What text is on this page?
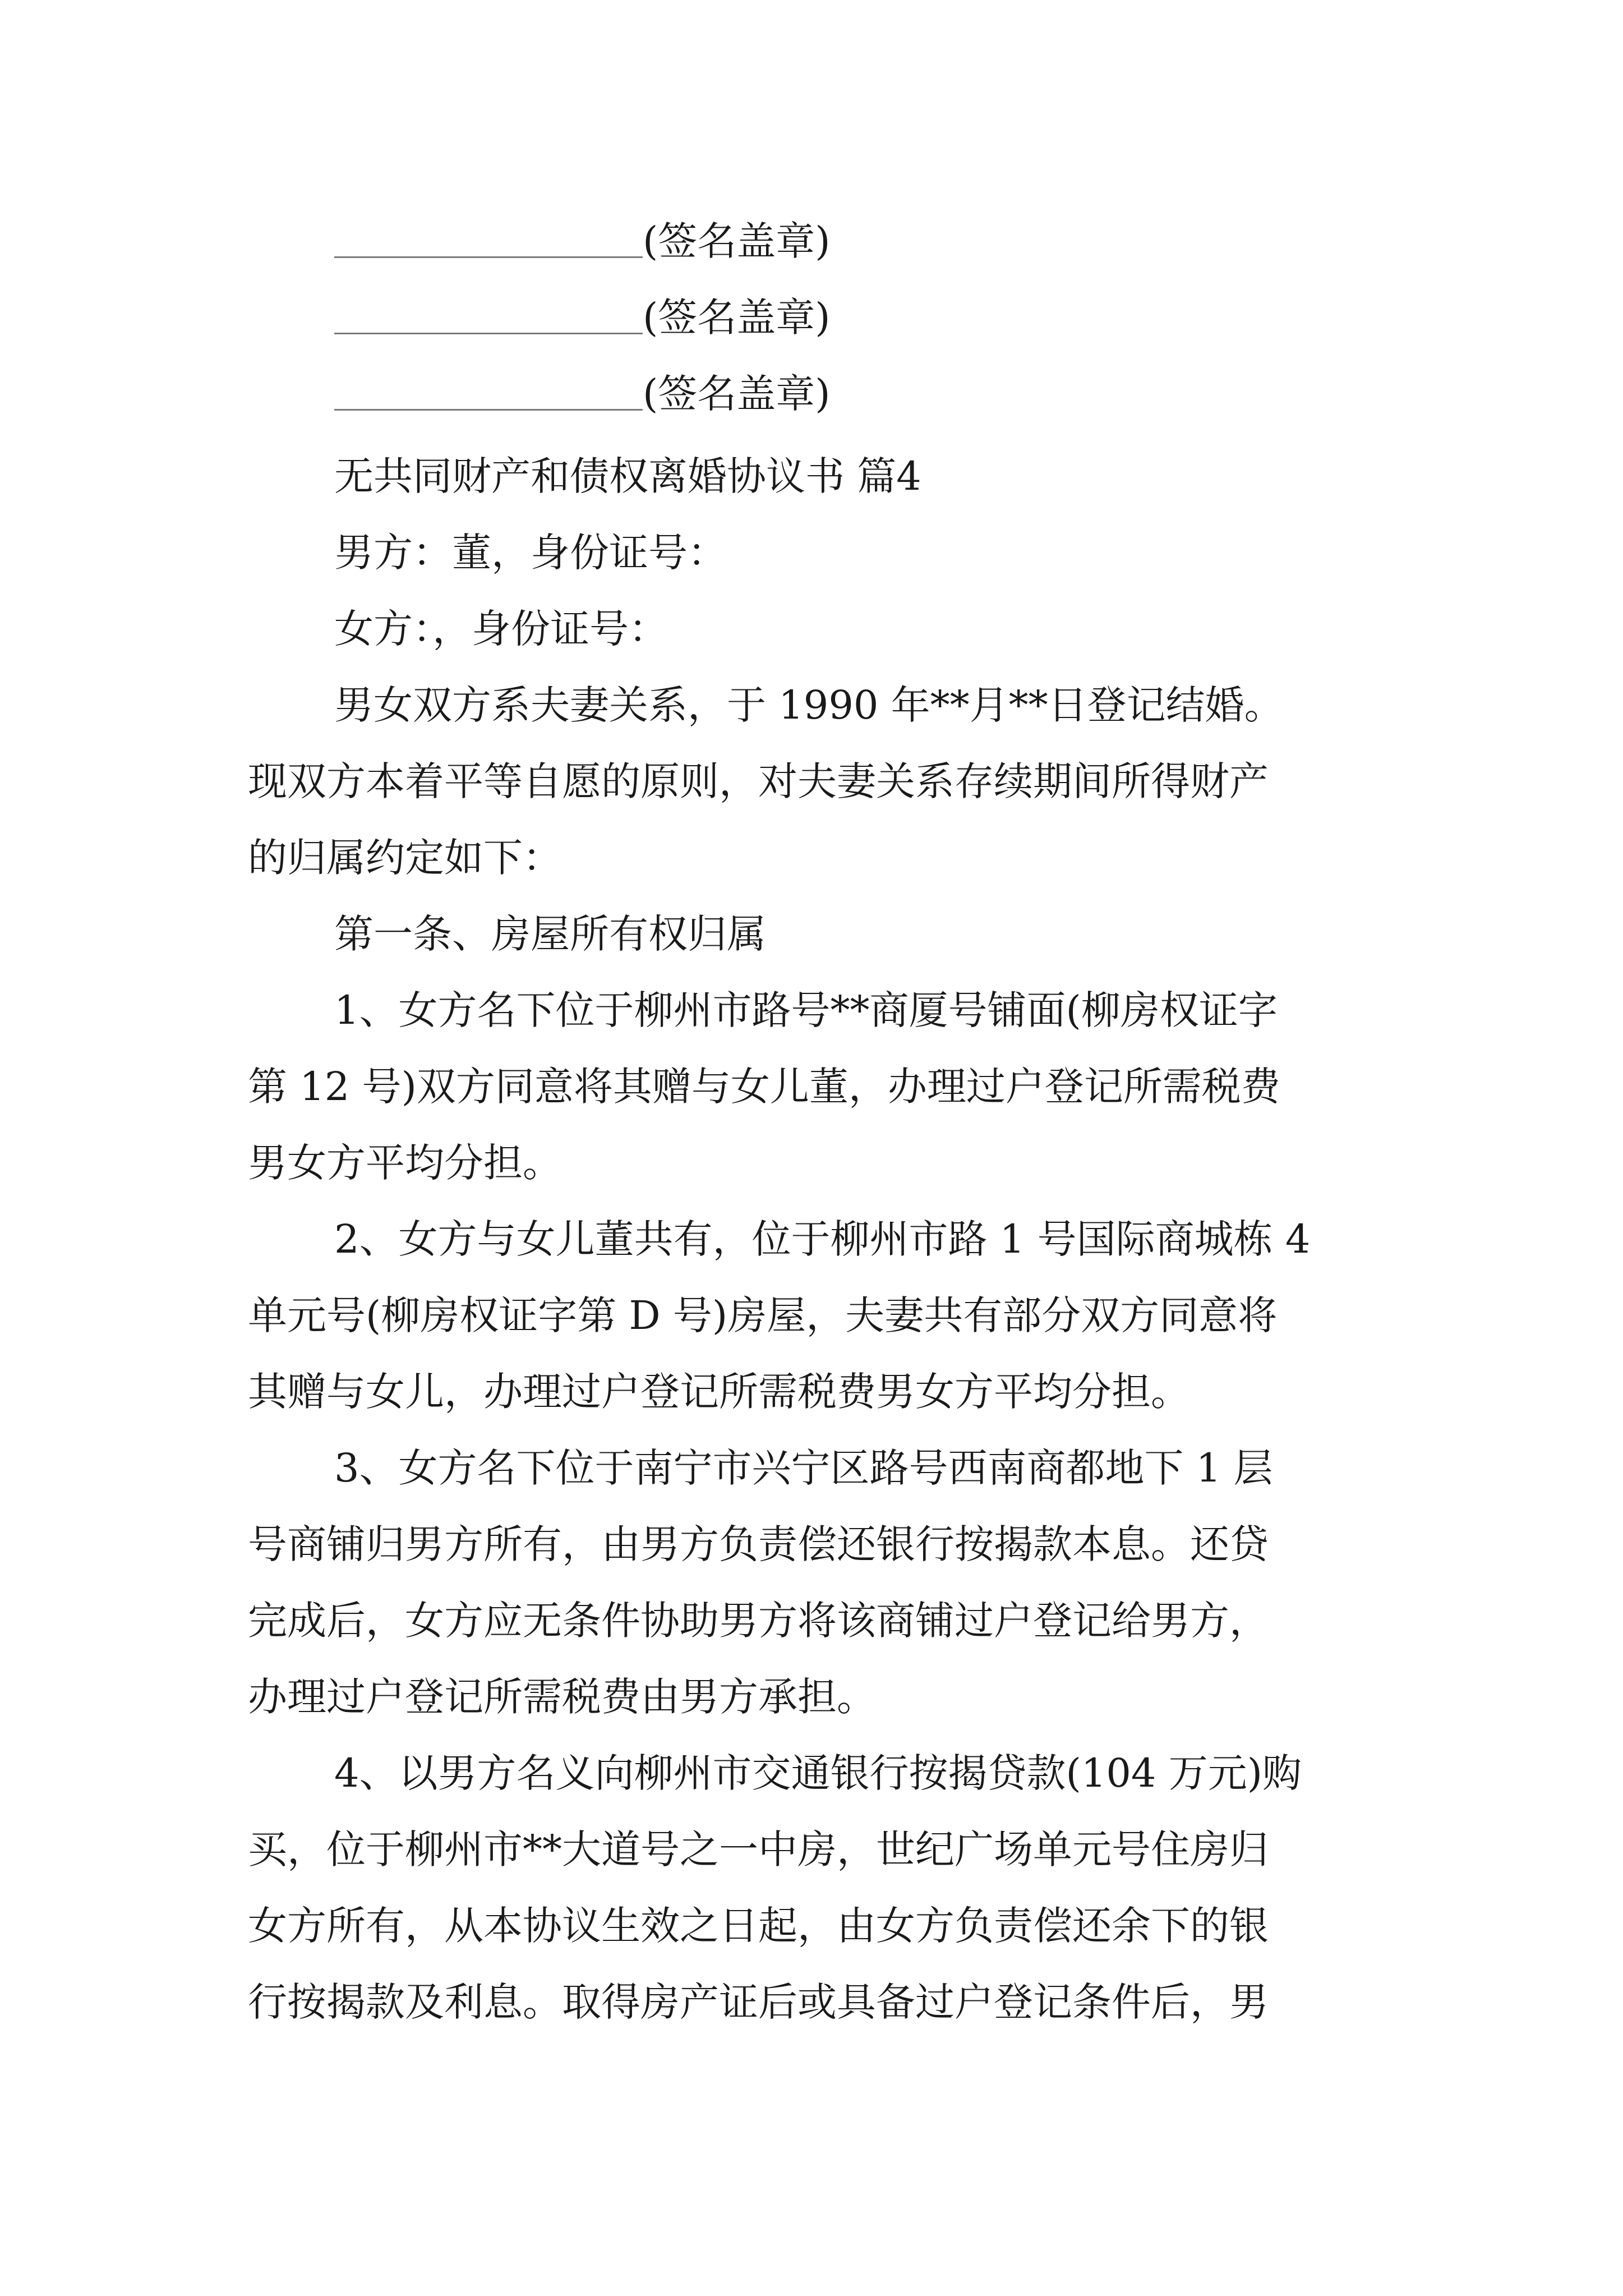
(签名盖章)
(签名盖章)
(签名盖章)
无共同财产和债权离婚协议书 篇4
男方：董，身份证号：
女方：，身份证号：
男女双方系夫妻关系，于 1990 年**月**日登记结婚。
现双方本着平等自愿的原则，对夫妻关系存续期间所得财产
的归属约定如下：
第一条、房屋所有权归属
1、女方名下位于柳州市路号**商厦号铺面(柳房权证字
第 12 号)双方同意将其赠与女儿董，办理过户登记所需税费
男女方平均分担。
2、女方与女儿董共有，位于柳州市路 1 号国际商城栋 4
单元号(柳房权证字第 D 号)房屋，夫妻共有部分双方同意将
其赠与女儿，办理过户登记所需税费男女方平均分担。
3、女方名下位于南宁市兴宁区路号西南商都地下 1 层
号商铺归男方所有，由男方负责偿还银行按揭款本息。还贷
完成后，女方应无条件协助男方将该商铺过户登记给男方，
办理过户登记所需税费由男方承担。
4、以男方名义向柳州市交通银行按揭贷款(104 万元)购
买，位于柳州市**大道号之一中房，世纪广场单元号住房归
女方所有，从本协议生效之日起，由女方负责偿还余下的银
行按揭款及利息。取得房产证后或具备过户登记条件后，男
